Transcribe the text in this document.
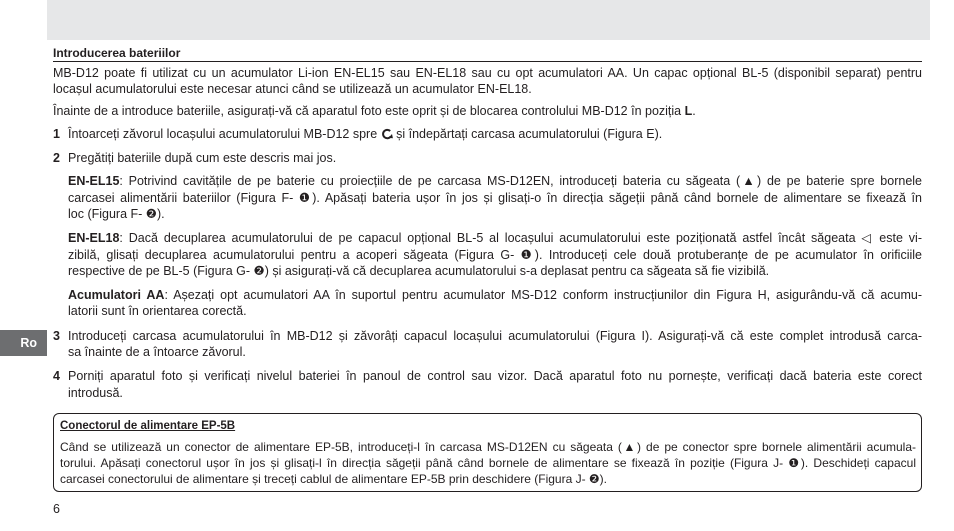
Ro
Introducerea bateriilor
MB-D12 poate fi utilizat cu un acumulator Li-ion EN-EL15 sau EN-EL18 sau cu opt acumulatori AA. Un capac opțional BL-5 (disponibil separat) pentru
locașul acumulatorului este necesar atunci când se utilizează un acumulator EN-EL18.
Înainte de a introduce bateriile, asigurați-vă că aparatul foto este oprit și de blocarea controlului MB-D12 în poziția L.
1 Întoarceți zăvorul locașului acumulatorului MB-D12 spre
și îndepărtați carcasa acumulatorului (Figura E).
2 Pregătiți bateriile după cum este descris mai jos.
EN-EL15: Potrivind cavitățile de pe baterie cu proiecțiile de pe carcasa MS-D12EN, introduceți bateria cu săgeata (▲) de pe baterie spre bornele
carcasei alimentării bateriilor (Figura F- ❶). Apăsați bateria ușor în jos și glisați-o în direcția săgeții până când bornele de alimentare se fixează în
loc (Figura F- ❷).
EN-EL18: Dacă decuplarea acumulatorului de pe capacul opțional BL-5 al locașului acumulatorului este poziționată astfel încât săgeata ◁ este vi-
zibilă, glisați decuplarea acumulatorului pentru a acoperi săgeata (Figura G- ❶). Introduceți cele două protuberanțe de pe acumulator în orificiile
respective de pe BL-5 (Figura G- ❷) și asigurați-vă că decuplarea acumulatorului s-a deplasat pentru ca săgeata să fie vizibilă.
Acumulatori AA: Așezați opt acumulatori AA în suportul pentru acumulator MS-D12 conform instrucțiunilor din Figura H, asigurându-vă că acumu-
latorii sunt în orientarea corectă.
3 Introduceți carcasa acumulatorului în MB-D12 și zăvorâți capacul locașului acumulatorului (Figura I). Asigurați-vă că este complet introdusă carca-
sa înainte de a întoarce zăvorul.
4 Porniți aparatul foto și verificați nivelul bateriei în panoul de control sau vizor. Dacă aparatul foto nu pornește, verificați dacă bateria este corect
introdusă.
Conectorul de alimentare EP-5B
Când se utilizează un conector de alimentare EP-5B, introduceți-l în carcasa MS-D12EN cu săgeata (▲) de pe conector spre bornele alimentării acumula-
torului. Apăsați conectorul ușor în jos și glisați-l în direcția săgeții până când bornele de alimentare se fixează în poziție (Figura J- ❶). Deschideți capacul
carcasei conectorului de alimentare și treceți cablul de alimentare EP-5B prin deschidere (Figura J- ❷).
6
